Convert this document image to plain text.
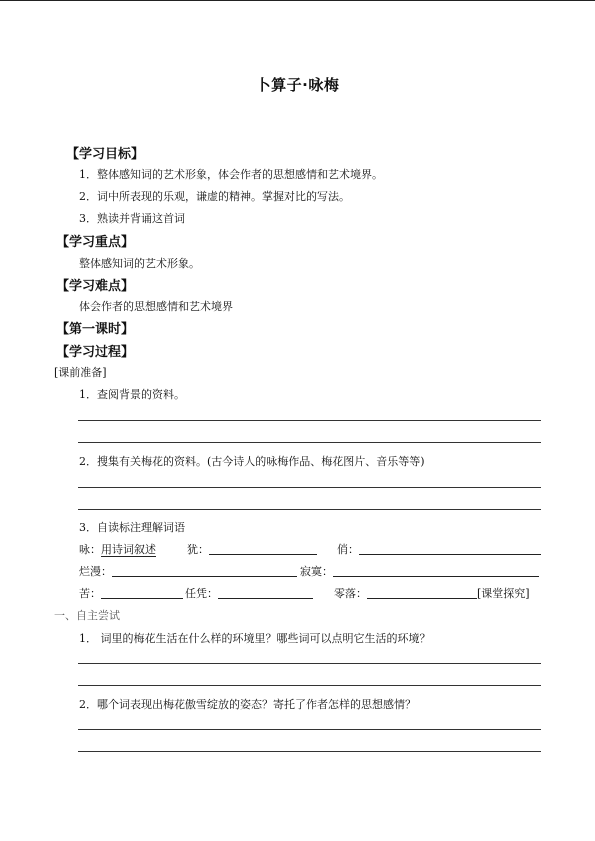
卜算子·咏梅
【学习目标】
1．整体感知词的艺术形象，体会作者的思想感情和艺术境界。
2．词中所表现的乐观，谦虚的精神。掌握对比的写法。
3．熟读并背诵这首词
【学习重点】
整体感知词的艺术形象。
【学习难点】
体会作者的思想感情和艺术境界
【第一课时】
【学习过程】
[课前准备]
1．查阅背景的资料。
2．搜集有关梅花的资料。(古今诗人的咏梅作品、梅花图片、音乐等等)
3．自读标注理解词语
咏：用诗词叙述	犹：	俏：
烂漫：	寂寞：
苦：	任凭：	零落：	[课堂探究]
一、自主尝试
1． 词里的梅花生活在什么样的环境里？哪些词可以点明它生活的环境？
2．哪个词表现出梅花傲雪绽放的姿态？寄托了作者怎样的思想感情？
